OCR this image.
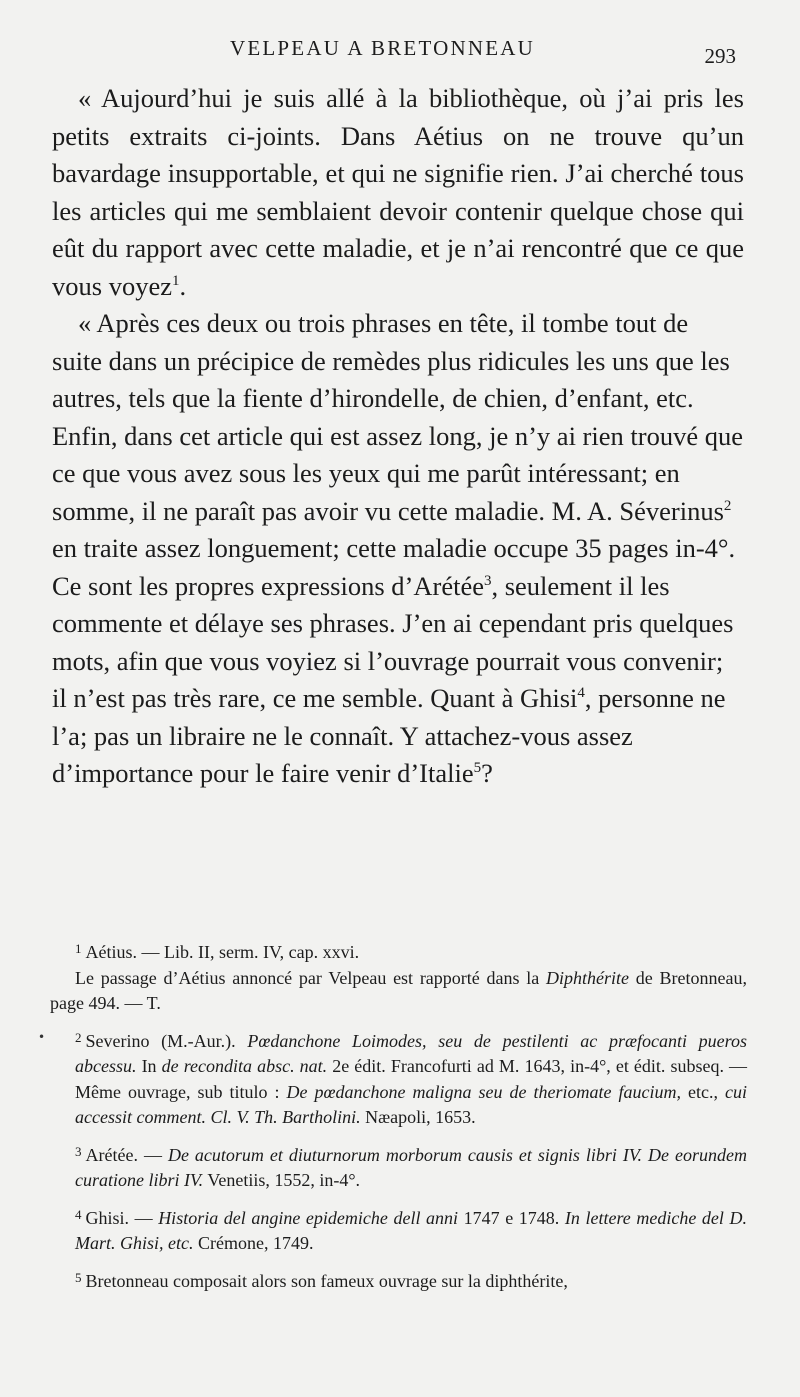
VELPEAU A BRETONNEAU	293

« Aujourd’hui je suis allé à la bibliothèque, où j’ai pris les petits extraits ci-joints. Dans Aétius on ne trouve qu’un bavardage insupportable, et qui ne signifie rien. J’ai cherché tous les articles qui me semblaient devoir contenir quelque chose qui eût du rapport avec cette maladie, et je n’ai rencontré que ce que vous voyez$^1$.

« Après ces deux ou trois phrases en tête, il tombe tout de suite dans un précipice de remèdes plus ridicules les uns que les autres, tels que la fiente d’hirondelle, de chien, d’enfant, etc. Enfin, dans cet article qui est assez long, je n’y ai rien trouvé que ce que vous avez sous les yeux qui me parût intéressant; en somme, il ne paraît pas avoir vu cette maladie. M. A. Séverinus$^2$ en traite assez longuement; cette maladie occupe 35 pages in-4°. Ce sont les propres expressions d’Arétée$^3$, seulement il les commente et délaye ses phrases. J’en ai cependant pris quelques mots, afin que vous voyiez si l’ouvrage pourrait vous convenir; il n’est pas très rare, ce me semble. Quant à Ghisi$^4$, personne ne l’a; pas un libraire ne le connaît. Y attachez-vous assez d’importance pour le faire venir d’Italie$^5$?

•

$^1$ Aétius. — Lib. II, serm. IV, cap. xxvi.

Le passage d’Aétius annoncé par Velpeau est rapporté dans la Diphthérite de Bretonneau, page 494. — T.

$^2$ Severino (M.-Aur.). Pœdanchone Loimodes, seu de pestilenti ac præfocanti pueros abcessu. In de recondita absc. nat. 2e édit. Francofurti ad M. 1643, in-4°, et édit. subseq. — Même ouvrage, sub titulo : De pœdanchone maligna seu de theriomate faucium, etc., cui accessit comment. Cl. V. Th. Bartholini. Næapoli, 1653.

$^3$ Arétée. — De acutorum et diuturnorum morborum causis et signis libri IV. De eorundem curatione libri IV. Venetiis, 1552, in-4°.

$^4$ Ghisi. — Historia del angine epidemiche dell anni 1747 e 1748. In lettere mediche del D. Mart. Ghisi, etc. Crémone, 1749.

$^5$ Bretonneau composait alors son fameux ouvrage sur la diphthérite,
